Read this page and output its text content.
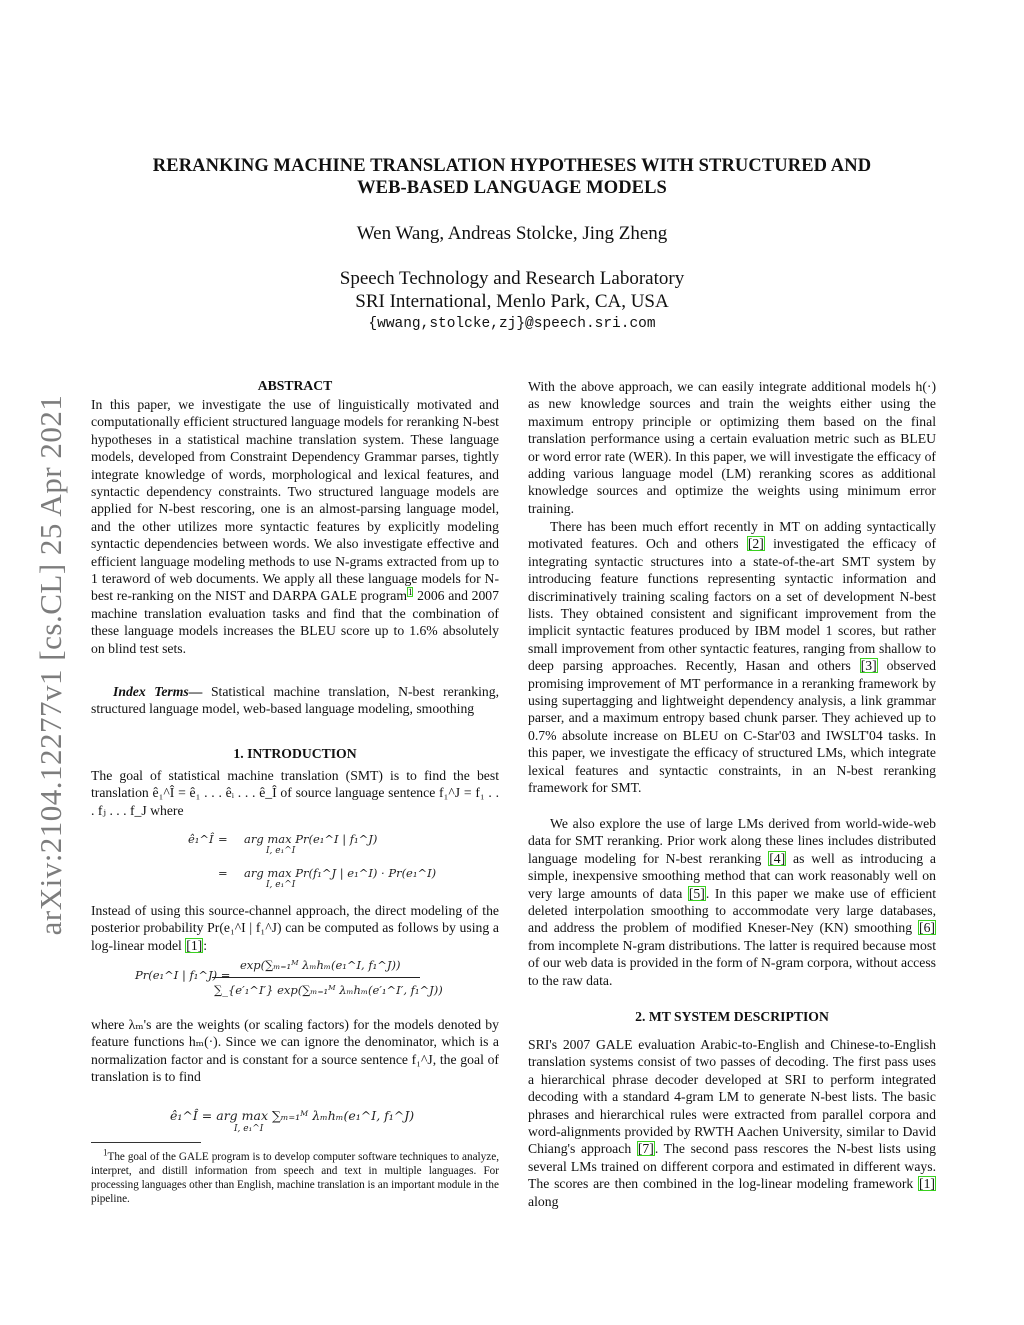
RERANKING MACHINE TRANSLATION HYPOTHESES WITH STRUCTURED AND
WEB-BASED LANGUAGE MODELS
Wen Wang, Andreas Stolcke, Jing Zheng
Speech Technology and Research Laboratory
SRI International, Menlo Park, CA, USA
{wwang,stolcke,zj}@speech.sri.com
arXiv:2104.12277v1 [cs.CL] 25 Apr 2021
ABSTRACT

In this paper, we investigate the use of linguistically motivated and computationally efficient structured language models for reranking N-best hypotheses in a statistical machine translation system. These language models, developed from Constraint Dependency Grammar parses, tightly integrate knowledge of words, morphological and lexical features, and syntactic dependency constraints. Two structured language models are applied for N-best rescoring, one is an almost-parsing language model, and the other utilizes more syntactic features by explicitly modeling syntactic dependencies between words. We also investigate effective and efficient language modeling methods to use N-grams extracted from up to 1 teraword of web documents. We apply all these language models for N-best re-ranking on the NIST and DARPA GALE program$^1$ 2006 and 2007 machine translation evaluation tasks and find that the combination of these language models increases the BLEU score up to 1.6% absolutely on blind test sets.

Index Terms— Statistical machine translation, N-best reranking, structured language model, web-based language modeling, smoothing

1. INTRODUCTION

The goal of statistical machine translation (SMT) is to find the best translation ê₁^Î = ê₁ . . . êᵢ . . . ê_Î of source language sentence f₁^J = f₁ . . . fⱼ . . . f_J where

ê₁^Î = arg max Pr(e₁^I | f₁^J)
I, e₁^I
= arg max Pr(f₁^J | e₁^I) · Pr(e₁^I)
I, e₁^I

Instead of using this source-channel approach, the direct modeling of the posterior probability Pr(e₁^I | f₁^J) can be computed as follows by using a log-linear model [1]:

Pr(e₁^I | f₁^J) =
exp(∑ₘ₌₁ᴹ λₘhₘ(e₁^I, f₁^J))
∑_{e′₁^I′} exp(∑ₘ₌₁ᴹ λₘhₘ(e′₁^I′, f₁^J))

where λₘ's are the weights (or scaling factors) for the models denoted by feature functions hₘ(·). Since we can ignore the denominator, which is a normalization factor and is constant for a source sentence f₁^J, the goal of translation is to find

ê₁^Î = arg max ∑ₘ₌₁ᴹ λₘhₘ(e₁^I, f₁^J)
I, e₁^I

$^1$The goal of the GALE program is to develop computer software techniques to analyze, interpret, and distill information from speech and text in multiple languages. For processing languages other than English, machine translation is an important module in the pipeline.

With the above approach, we can easily integrate additional models h(·) as new knowledge sources and train the weights either using the maximum entropy principle or optimizing them based on the final translation performance using a certain evaluation metric such as BLEU or word error rate (WER). In this paper, we will investigate the efficacy of adding various language model (LM) reranking scores as additional knowledge sources and optimize the weights using minimum error training.

There has been much effort recently in MT on adding syntactically motivated features. Och and others [2] investigated the efficacy of integrating syntactic structures into a state-of-the-art SMT system by introducing feature functions representing syntactic information and discriminatively training scaling factors on a set of development N-best lists. They obtained consistent and significant improvement from the implicit syntactic features produced by IBM model 1 scores, but rather small improvement from other syntactic features, ranging from shallow to deep parsing approaches. Recently, Hasan and others [3] observed promising improvement of MT performance in a reranking framework by using supertagging and lightweight dependency analysis, a link grammar parser, and a maximum entropy based chunk parser. They achieved up to 0.7% absolute increase on BLEU on C-Star'03 and IWSLT'04 tasks. In this paper, we investigate the efficacy of structured LMs, which integrate lexical features and syntactic constraints, in an N-best reranking framework for SMT.

We also explore the use of large LMs derived from world-wide-web data for SMT reranking. Prior work along these lines includes distributed language modeling for N-best reranking [4] as well as introducing a simple, inexpensive smoothing method that can work reasonably well on very large amounts of data [5]. In this paper we make use of efficient deleted interpolation smoothing to accommodate very large databases, and address the problem of modified Kneser-Ney (KN) smoothing [6] from incomplete N-gram distributions. The latter is required because most of our web data is provided in the form of N-gram corpora, without access to the raw data.

2. MT SYSTEM DESCRIPTION

SRI's 2007 GALE evaluation Arabic-to-English and Chinese-to-English translation systems consist of two passes of decoding. The first pass uses a hierarchical phrase decoder developed at SRI to perform integrated decoding with a standard 4-gram LM to generate N-best lists. The basic phrases and hierarchical rules were extracted from parallel corpora and word-alignments provided by RWTH Aachen University, similar to David Chiang's approach [7]. The second pass rescores the N-best lists using several LMs trained on different corpora and estimated in different ways. The scores are then combined in the log-linear modeling framework [1] along
